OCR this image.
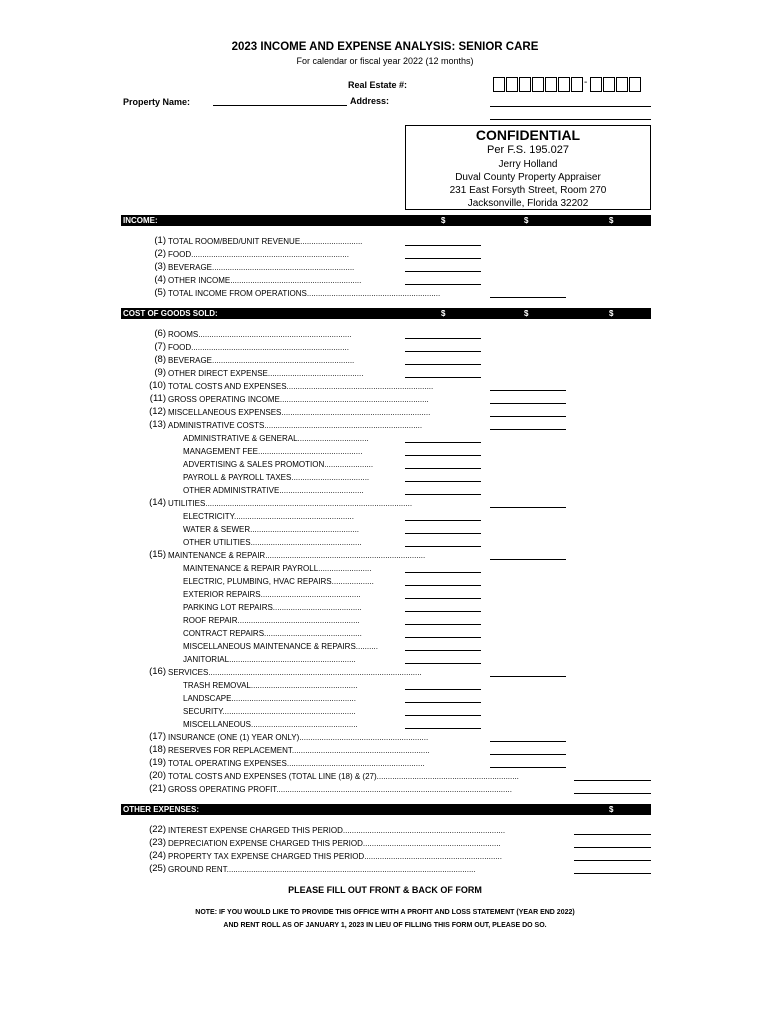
2023 INCOME AND EXPENSE ANALYSIS: SENIOR CARE
For calendar or fiscal year 2022 (12 months)
Real Estate #:	-
Property Name:	Address:
CONFIDENTIAL
Per F.S. 195.027
Jerry Holland
Duval County Property Appraiser
231 East Forsyth Street, Room 270
Jacksonville, Florida 32202
INCOME:	$	$	$
COST OF GOODS SOLD:	$	$	$
OTHER EXPENSES:	$
(1) TOTAL ROOM/BED/UNIT REVENUE............................
(2) FOOD.......................................................................
(3) BEVERAGE................................................................
(4) OTHER INCOME...........................................................
(5) TOTAL INCOME FROM OPERATIONS............................................................
(6) ROOMS.....................................................................
(7) FOOD.......................................................................
(8) BEVERAGE................................................................
(9) OTHER DIRECT EXPENSE...........................................
(10) TOTAL COSTS AND EXPENSES..................................................................
(11) GROSS OPERATING INCOME...................................................................
(12) MISCELLANEOUS EXPENSES...................................................................
(13) ADMINISTRATIVE COSTS.......................................................................
ADMINISTRATIVE & GENERAL................................
MANAGEMENT FEE...............................................
ADVERTISING & SALES PROMOTION......................
PAYROLL & PAYROLL TAXES...................................
OTHER ADMINISTRATIVE......................................
(14) UTILITIES.............................................................................................
ELECTRICITY......................................................
WATER & SEWER.................................................
OTHER UTILITIES..................................................
(15) MAINTENANCE & REPAIR........................................................................
MAINTENANCE & REPAIR PAYROLL........................
ELECTRIC, PLUMBING, HVAC REPAIRS...................
EXTERIOR REPAIRS.............................................
PARKING LOT REPAIRS........................................
ROOF REPAIR.......................................................
CONTRACT REPAIRS............................................
MISCELLANEOUS MAINTENANCE & REPAIRS..........
JANITORIAL.........................................................
(16) SERVICES................................................................................................
TRASH REMOVAL................................................
LANDSCAPE........................................................
SECURITY............................................................
MISCELLANEOUS................................................
(17) INSURANCE (ONE (1) YEAR ONLY)..........................................................
(18) RESERVES FOR REPLACEMENT..............................................................
(19) TOTAL OPERATING EXPENSES..............................................................
(20) TOTAL COSTS AND EXPENSES (TOTAL LINE (18) & (27)................................................................
(21) GROSS OPERATING PROFIT..........................................................................................................
(22) INTEREST EXPENSE CHARGED THIS PERIOD.........................................................................
(23) DEPRECIATION EXPENSE CHARGED THIS PERIOD..............................................................
(24) PROPERTY TAX EXPENSE CHARGED THIS PERIOD..............................................................
(25) GROUND RENT................................................................................................................
PLEASE FILL OUT FRONT & BACK OF FORM
NOTE: IF YOU WOULD LIKE TO PROVIDE THIS OFFICE WITH A PROFIT AND LOSS STATEMENT (YEAR END 2022)
AND RENT ROLL AS OF JANUARY 1, 2023 IN LIEU OF FILLING THIS FORM OUT, PLEASE DO SO.
